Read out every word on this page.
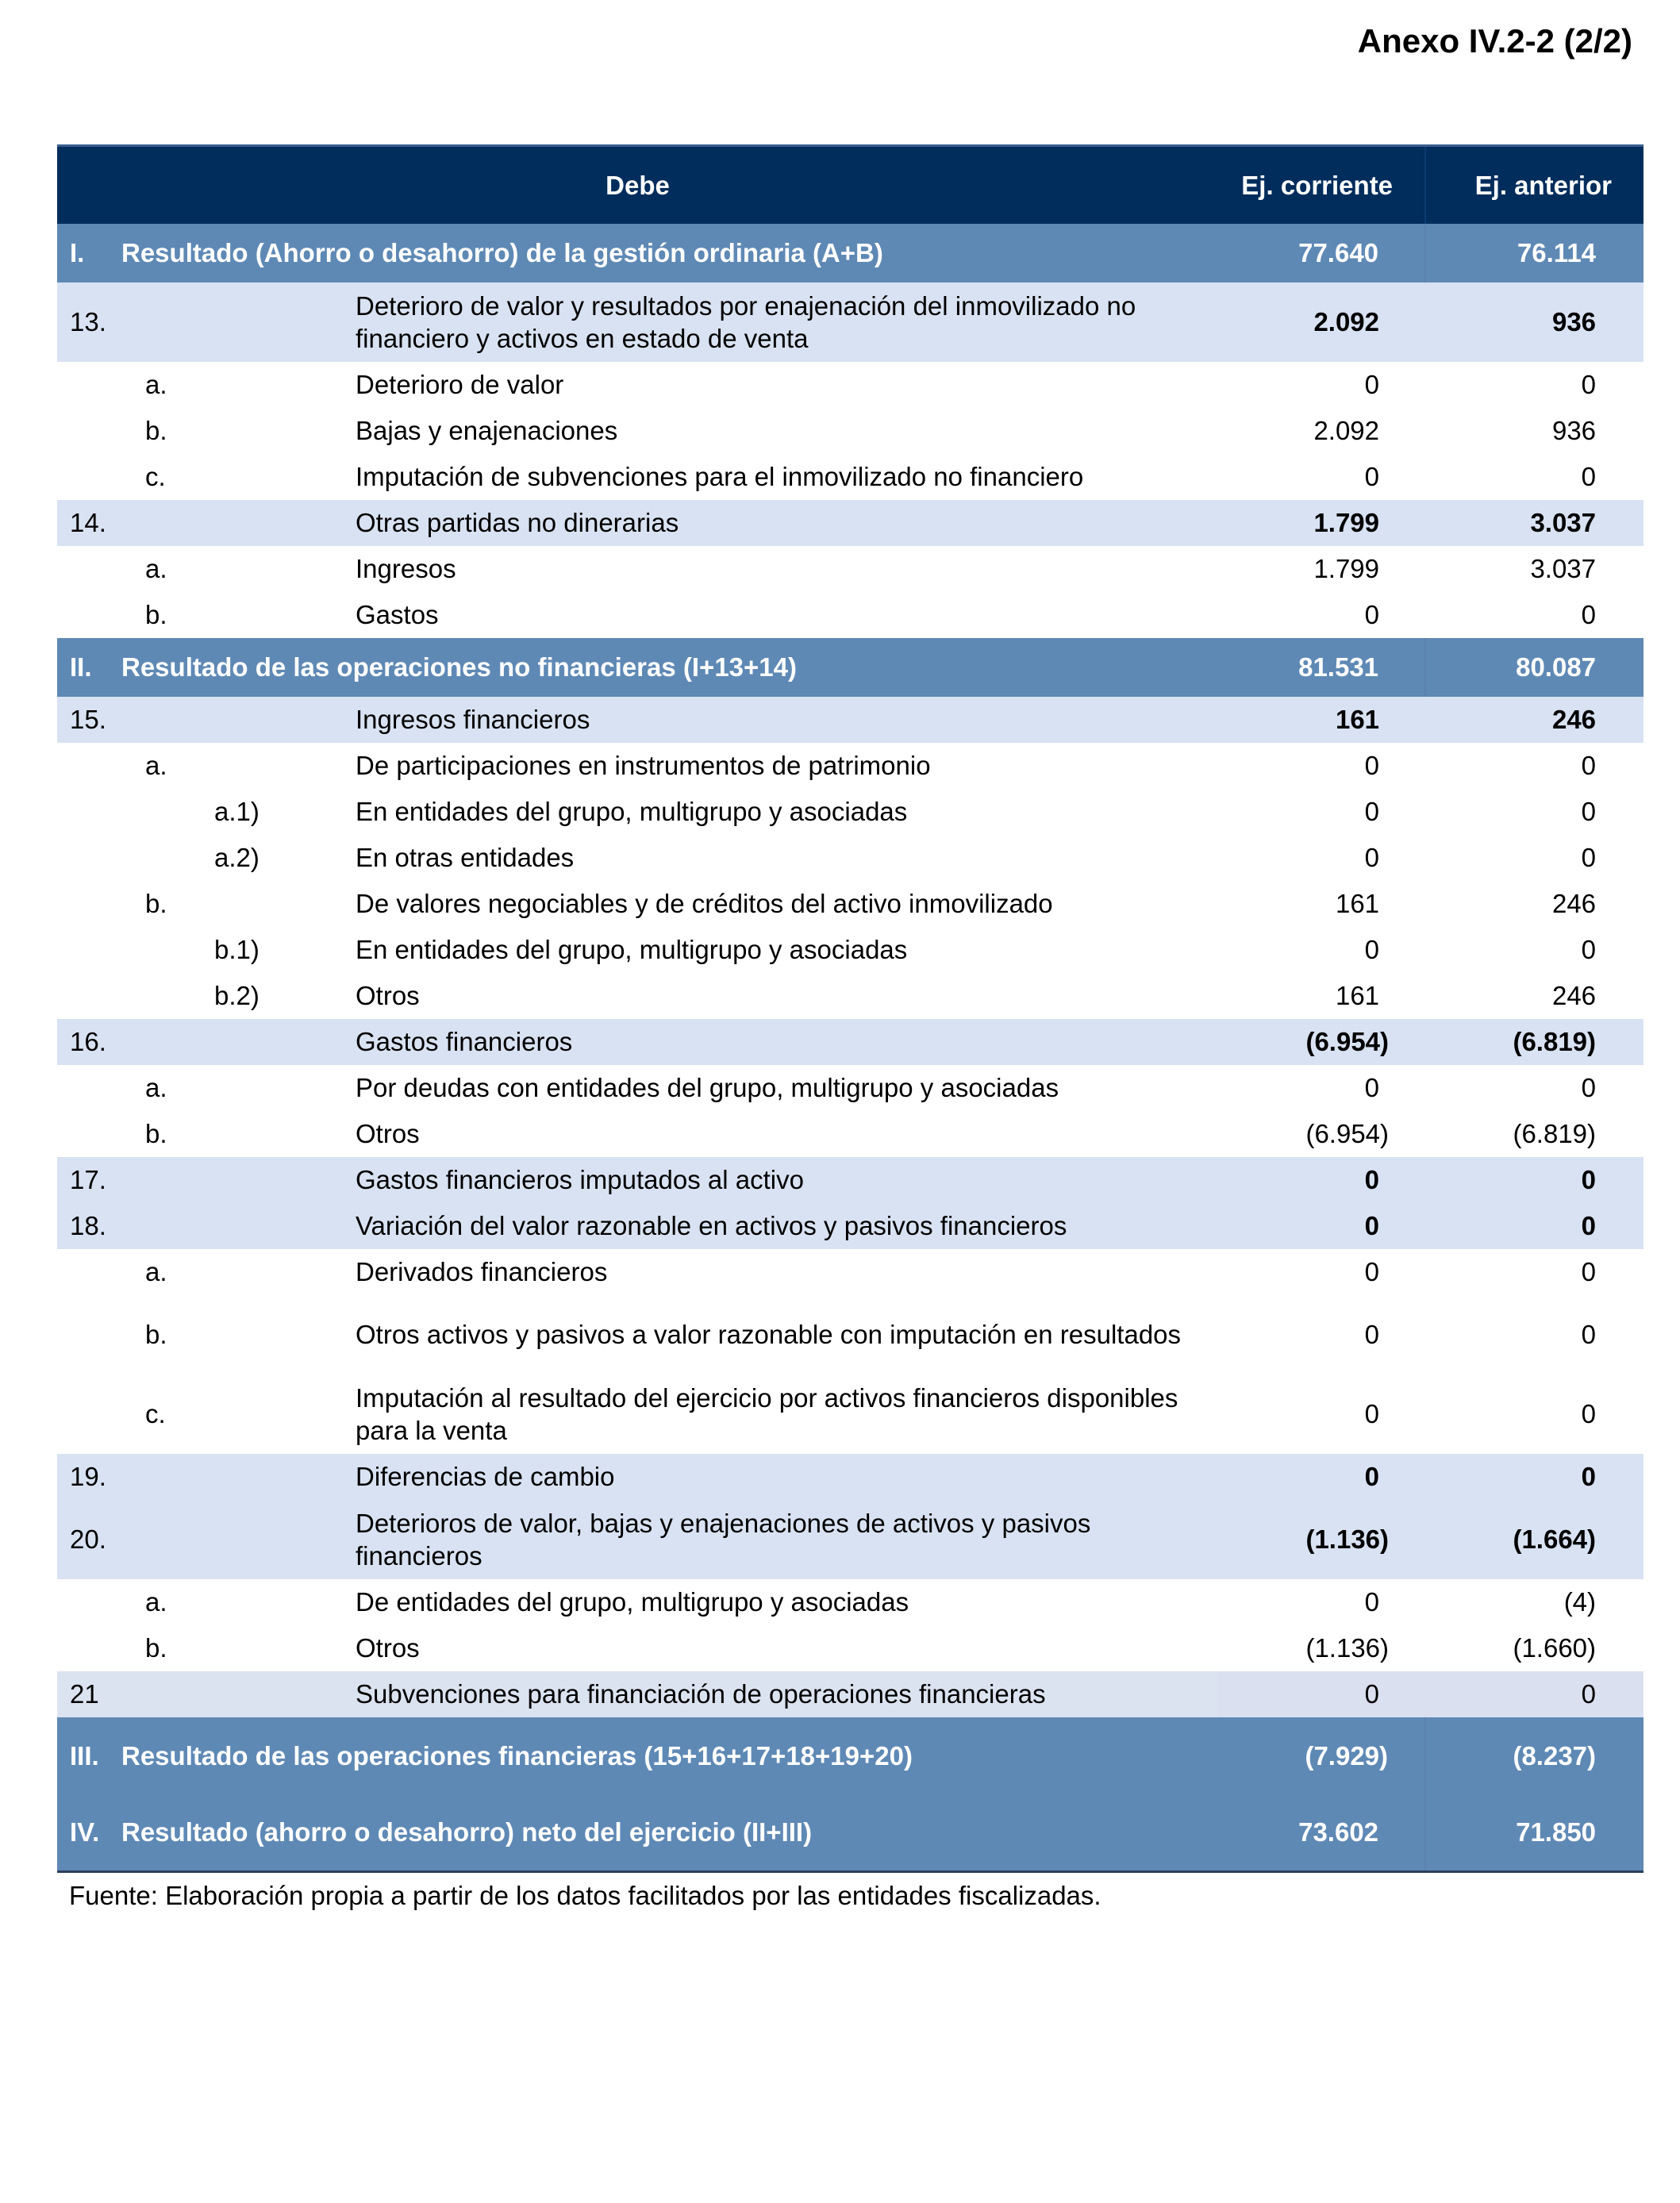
Anexo IV.2-2 (2/2)
Debe			Ej. corriente	Ej. anterior
I.	Resultado (Ahorro o desahorro) de la gestión ordinaria (A+B)		77.640	76.114
13.		Deterioro de valor y resultados por enajenación del inmovilizado no financiero y activos en estado de venta	2.092	936
a.		Deterioro de valor	0	0
b.		Bajas y enajenaciones	2.092	936
c.		Imputación de subvenciones para el inmovilizado no financiero	0	0
14.		Otras partidas no dinerarias	1.799	3.037
a.		Ingresos	1.799	3.037
b.		Gastos	0	0
II.	Resultado de las operaciones no financieras (I+13+14)		81.531	80.087
15.		Ingresos financieros	161	246
a.		De participaciones en instrumentos de patrimonio	0	0
a.1)		En entidades del grupo, multigrupo y asociadas	0	0
a.2)		En otras entidades	0	0
b.		De valores negociables y de créditos del activo inmovilizado	161	246
b.1)		En entidades del grupo, multigrupo y asociadas	0	0
b.2)		Otros	161	246
16.		Gastos financieros	(6.954)	(6.819)
a.		Por deudas con entidades del grupo, multigrupo y asociadas	0	0
b.		Otros	(6.954)	(6.819)
17.		Gastos financieros imputados al activo	0	0
18.		Variación del valor razonable en activos y pasivos financieros	0	0
a.		Derivados financieros	0	0
b.		Otros activos y pasivos a valor razonable con imputación en resultados	0	0
c.		Imputación al resultado del ejercicio por activos financieros disponibles para la venta	0	0
19.		Diferencias de cambio	0	0
20.		Deterioros de valor, bajas y enajenaciones de activos y pasivos financieros	(1.136)	(1.664)
a.		De entidades del grupo, multigrupo y asociadas	0	(4)
b.		Otros	(1.136)	(1.660)
21		Subvenciones para financiación de operaciones financieras	0	0
III.	Resultado de las operaciones financieras (15+16+17+18+19+20)		(7.929)	(8.237)
IV.	Resultado (ahorro o desahorro) neto del ejercicio (II+III)		73.602	71.850
Fuente: Elaboración propia a partir de los datos facilitados por las entidades fiscalizadas.
